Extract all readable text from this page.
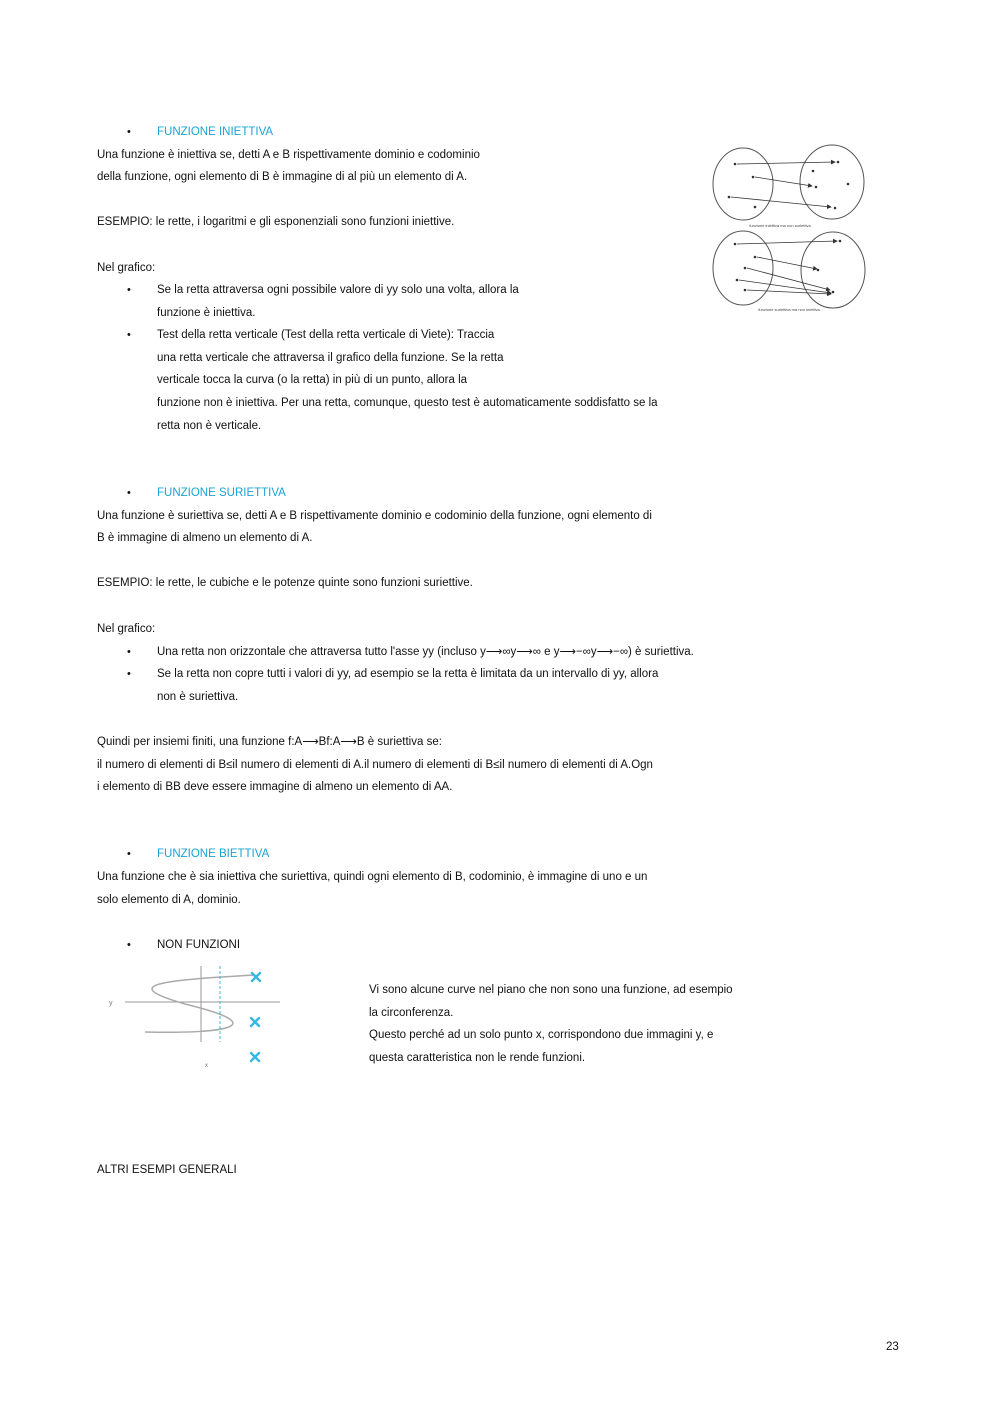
• FUNZIONE INIETTIVA
Una funzione è iniettiva se, detti A e B rispettivamente dominio e codominio
della funzione, ogni elemento di B è immagine di al più un elemento di A.
ESEMPIO: le rette, i logaritmi e gli esponenziali sono funzioni iniettive.
Nel grafico:
• Se la retta attraversa ogni possibile valore di yy solo una volta, allora la
funzione è iniettiva.
• Test della retta verticale (Test della retta verticale di Viete): Traccia
una retta verticale che attraversa il grafico della funzione. Se la retta
verticale tocca la curva (o la retta) in più di un punto, allora la
funzione non è iniettiva. Per una retta, comunque, questo test è automaticamente soddisfatto se la
retta non è verticale.
funzione iniettiva ma non suriettiva
funzione suriettiva ma non iniettiva
• FUNZIONE SURIETTIVA
Una funzione è suriettiva se, detti A e B rispettivamente dominio e codominio della funzione, ogni elemento di
B è immagine di almeno un elemento di A.
ESEMPIO: le rette, le cubiche e le potenze quinte sono funzioni suriettive.
Nel grafico:
• Una retta non orizzontale che attraversa tutto l'asse yy (incluso y⟶∞y⟶∞ e y⟶−∞y⟶−∞) è suriettiva.
• Se la retta non copre tutti i valori di yy, ad esempio se la retta è limitata da un intervallo di yy, allora
non è suriettiva.
Quindi per insiemi finiti, una funzione f:A⟶Bf:A⟶B è suriettiva se:
il numero di elementi di B≤il numero di elementi di A.il numero di elementi di B≤il numero di elementi di A.Ogn
i elemento di BB deve essere immagine di almeno un elemento di AA.
• FUNZIONE BIETTIVA
Una funzione che è sia iniettiva che suriettiva, quindi ogni elemento di B, codominio, è immagine di uno e un
solo elemento di A, dominio.
• NON FUNZIONI
y
x
Vi sono alcune curve nel piano che non sono una funzione, ad esempio
la circonferenza.
Questo perché ad un solo punto x, corrispondono due immagini y, e
questa caratteristica non le rende funzioni.
ALTRI ESEMPI GENERALI
23
